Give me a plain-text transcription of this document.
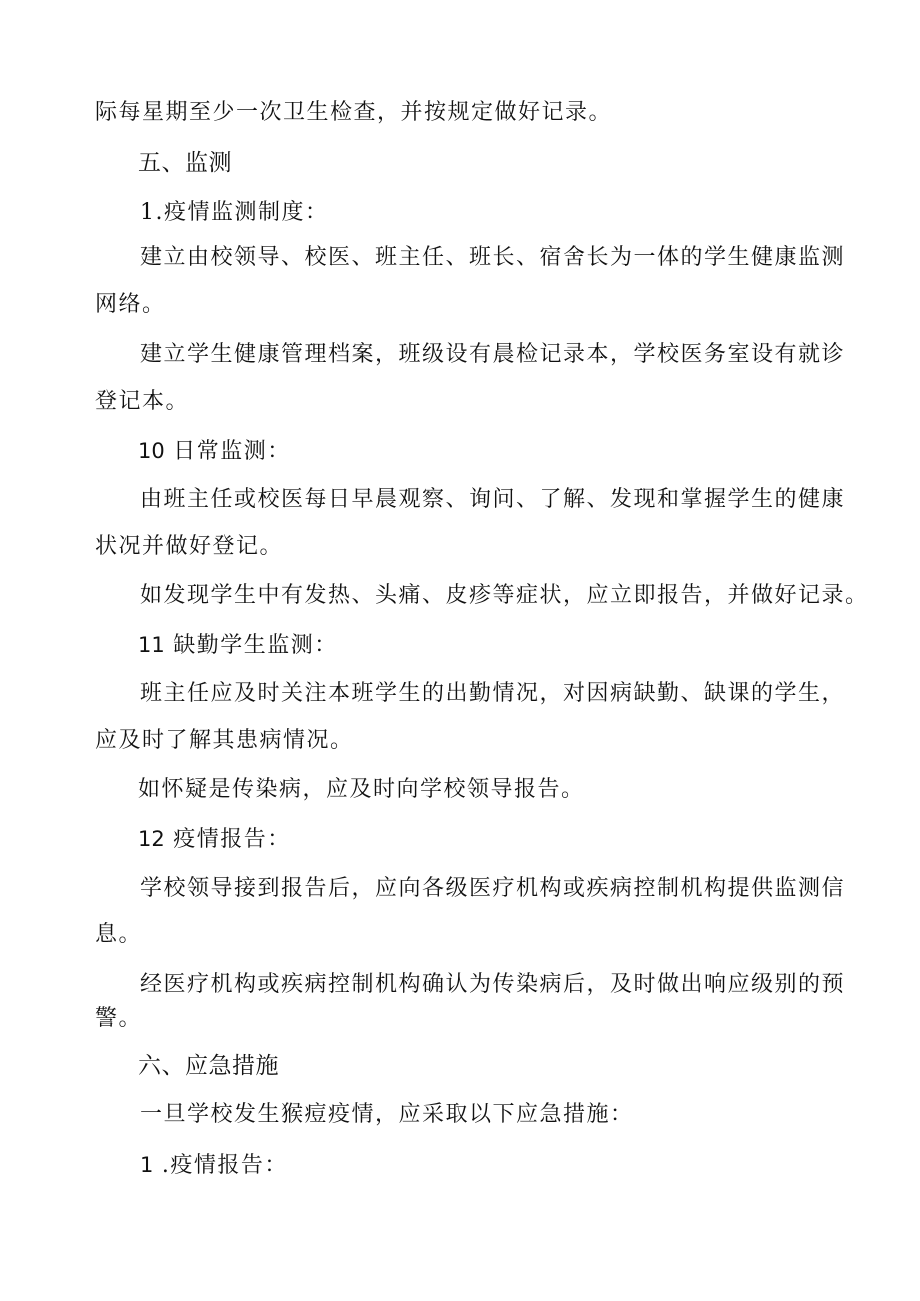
际每星期至少一次卫生检查，并按规定做好记录。
五、监测
1.疫情监测制度：
建立由校领导、校医、班主任、班长、宿舍长为一体的学生健康监测
网络。
建立学生健康管理档案，班级设有晨检记录本，学校医务室设有就诊
登记本。
10 日常监测：
由班主任或校医每日早晨观察、询问、了解、发现和掌握学生的健康
状况并做好登记。
如发现学生中有发热、头痛、皮疹等症状，应立即报告，并做好记录。
11 缺勤学生监测：
班主任应及时关注本班学生的出勤情况，对因病缺勤、缺课的学生，
应及时了解其患病情况。
如怀疑是传染病，应及时向学校领导报告。
12 疫情报告：
学校领导接到报告后，应向各级医疗机构或疾病控制机构提供监测信
息。
经医疗机构或疾病控制机构确认为传染病后，及时做出响应级别的预
警。
六、应急措施
一旦学校发生猴痘疫情，应采取以下应急措施：
1 .疫情报告：
